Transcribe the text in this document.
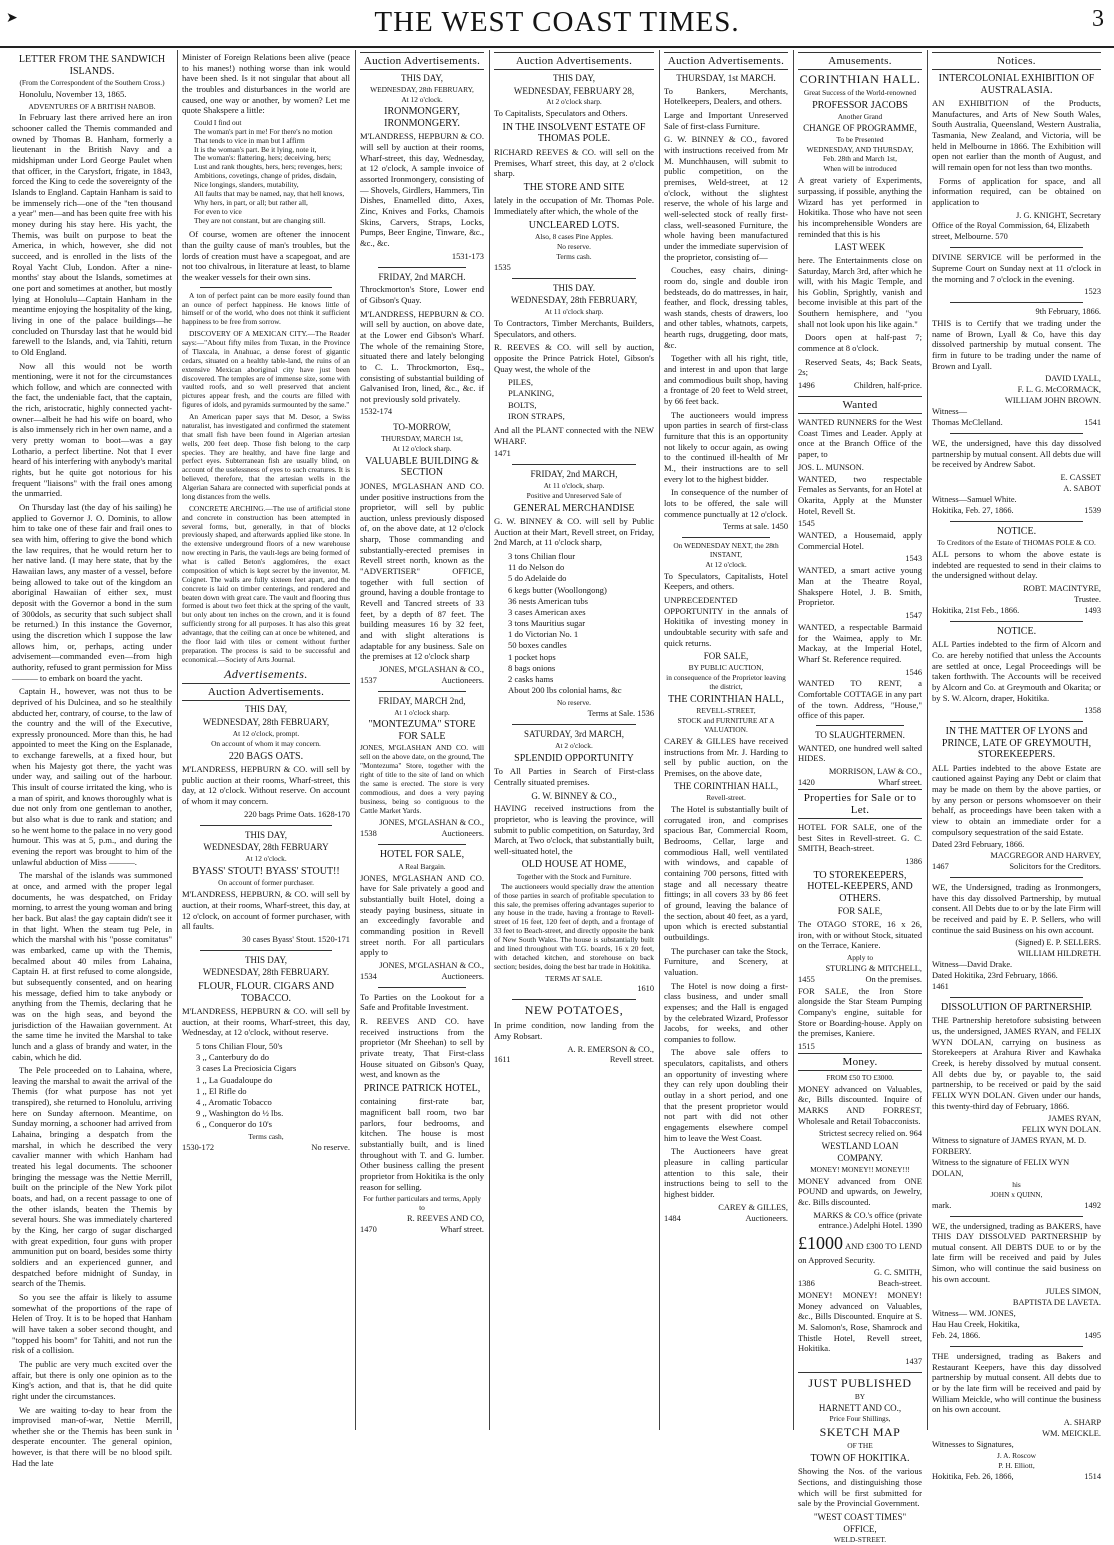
➤	THE WEST COAST TIMES.	3
LETTER FROM THE SANDWICH ISLANDS.
(From the Correspondent of the Southern Cross.)
Honolulu, November 13, 1865.
ADVENTURES OF A BRITISH NABOB.

In February last there arrived here an iron schooner called the Themis commanded and owned by Thomas B. Hanham, formerly a lieutenant in the British Navy and a midshipman under Lord George Paulet when that officer, in the Carysfort, frigate, in 1843, forced the King to cede the sovereignty of the Islands to England. Captain Hanham is said to be immensely rich—one of the "ten thousand a year" men—and has been quite free with his money during his stay here. His yacht, the Themis, was built on purpose to beat the America, in which, however, she did not succeed, and is enrolled in the lists of the Royal Yacht Club, London. After a nine-months' stay about the Islands, sometimes at one port and sometimes at another, but mostly lying at Honolulu—Captain Hanham in the meantime enjoying the hospitality of the king, living in one of the palace buildings—he concluded on Thursday last that he would bid farewell to the Islands, and, via Tahiti, return to Old England.

Now all this would not be worth mentioning, were it not for the circumstances which follow, and which are connected with the fact, the undeniable fact, that the captain, the rich, aristocratic, highly connected yacht-owner—albeit he had his wife on board, who is also immensely rich in her own name, and a very pretty woman to boot—was a gay Lothario, a perfect libertine. Not that I ever heard of his interfering with anybody's marital rights, but he quite got notorious for his frequent "liaisons" with the frail ones among the unmarried.

On Thursday last (the day of his sailing) he applied to Governor J. O. Dominis, to allow him to take one of these fair and frail ones to sea with him, offering to give the bond which the law requires, that he would return her to her native land. (I may here state, that by the Hawaiian laws, any master of a vessel, before being allowed to take out of the kingdom an aboriginal Hawaiian of either sex, must deposit with the Governor a bond in the sum of 300dols, as security that such subject shall be returned.) In this instance the Governor, using the discretion which I suppose the law allows him, or, perhaps, acting under advisement—commanded even—from high authority, refused to grant permission for Miss ——— to embark on board the yacht.

Captain H., however, was not thus to be deprived of his Dulcinea, and so he stealthily abducted her, contrary, of course, to the law of the country and the will of the Executive, expressly pronounced. More than this, he had appointed to meet the King on the Esplanade, to exchange farewells, at a fixed hour, but when his Majesty got there, the yacht was under way, and sailing out of the harbour. This insult of course irritated the king, who is a man of spirit, and knows thoroughly what is due not only from one gentleman to another, but also what is due to rank and station; and so he went home to the palace in no very good humour. This was at 5, p.m., and during the evening the report was brought to him of the unlawful abduction of Miss ———.

The marshal of the islands was summoned at once, and armed with the proper legal documents, he was despatched, on Friday morning, to arrest the young woman and bring her back. But alas! the gay captain didn't see it in that light. When the steam tug Pele, in which the marshal with his "posse comitatus" was embarked, came up with the Themis, becalmed about 40 miles from Lahaina, Captain H. at first refused to come alongside, but subsequently consented, and on hearing his message, defied him to take anybody or anything from the Themis, declaring that he was on the high seas, and beyond the jurisdiction of the Hawaiian government. At the same time he invited the Marshal to take lunch and a glass of brandy and water, in the cabin, which he did.

The Pele proceeded on to Lahaina, where, leaving the marshal to await the arrival of the Themis (for what purpose has not yet transpired), she returned to Honolulu, arriving here on Sunday afternoon. Meantime, on Sunday morning, a schooner had arrived from Lahaina, bringing a despatch from the marshal, in which he described the very cavalier manner with which Hanham had treated his legal documents. The schooner bringing the message was the Nettie Merrill, built on the principle of the New York pilot boats, and had, on a recent passage to one of the other islands, beaten the Themis by several hours. She was immediately chartered by the King, her cargo of sugar discharged with great expedition, four guns with proper ammunition put on board, besides some thirty soldiers and an experienced gunner, and despatched before midnight of Sunday, in search of the Themis.

So you see the affair is likely to assume somewhat of the proportions of the rape of Helen of Troy. It is to be hoped that Hanham will have taken a sober second thought, and "topped his boom" for Tahiti, and not run the risk of a collision.

The public are very much excited over the affair, but there is only one opinion as to the King's action, and that is, that he did quite right under the circumstances.

We are waiting to-day to hear from the improvised man-of-war, Nettie Merrill, whether she or the Themis has been sunk in desperate encounter. The general opinion, however, is that there will be no blood spilt. Had the late

Minister of Foreign Relations been alive (peace to his manes!) nothing worse than ink would have been shed. Is it not singular that about all the troubles and disturbances in the world are caused, one way or another, by women? Let me quote Shakspere a little:

Could I find out
The woman's part in me! For there's no motion
That tends to vice in man but I affirm
It is the woman's part. Be it lying, note it,
The woman's: flattering, hers; deceiving, hers;
Lust and rank thoughts, hers, hers; revenges, hers;
Ambitions, covetings, change of prides, disdain,
Nice longings, slanders, mutability,
All faults that may be named, nay, that hell knows,
Why hers, in part, or all; but rather all,
For even to vice
They are not constant, but are changing still.

Of course, women are oftener the innocent than the guilty cause of man's troubles, but the lords of creation must have a scapegoat, and are not too chivalrous, in literature at least, to blame the weaker vessels for their own sins.

A ton of perfect paint can be more easily found than an ounce of perfect happiness. He knows little of himself or of the world, who does not think it sufficient happiness to be free from sorrow.

DISCOVERY OF A MEXICAN CITY.—The Reader says:—"About fifty miles from Tuxan, in the Province of Tlaxcala, in Anahuac, a dense forest of gigantic cedars, situated on a healthy table-land, the ruins of an extensive Mexican aboriginal city have just been discovered. The temples are of immense size, some with vaulted roofs, and so well preserved that ancient pictures appear fresh, and the courts are filled with figures of idols, and pyramids surmounted by the same."

An American paper says that M. Desor, a Swiss naturalist, has investigated and confirmed the statement that small fish have been found in Algerian artesian wells, 200 feet deep. Those fish belong to the carp species. They are healthy, and have fine large and perfect eyes. Subterranean fish are usually blind, on account of the uselessness of eyes to such creatures. It is believed, therefore, that the artesian wells in the Algerian Sahara are connected with superficial ponds at long distances from the wells.

CONCRETE ARCHING.—The use of artificial stone and concrete in construction has been attempted in several forms, but, generally, in that of blocks previously shaped, and afterwards applied like stone. In the extensive underground floors of a new warehouse now erecting in Paris, the vault-legs are being formed of what is called Beton's aggloméres, the exact composition of which is kept secret by the inventor, M. Coignet. The walls are fully sixteen feet apart, and the concrete is laid on timber centerings, and rendered and beaten down with great care. The vault and flooring thus formed is about two feet thick at the spring of the vault, but only about ten inches on the crown, and it is found sufficiently strong for all purposes. It has also this great advantage, that the ceiling can at once be whitened, and the floor laid with tiles or cement without further preparation. The process is said to be successful and economical.—Society of Arts Journal.

Advertisements.
Auction Advertisements.
THIS DAY,
WEDNESDAY, 28th FEBRUARY,
At 12 o'clock, prompt.
On account of whom it may concern.
220 BAGS OATS.

M'LANDRESS, HEPBURN & CO. will sell by public auction at their rooms, Wharf-street, this day, at 12 o'clock. Without reserve. On account of whom it may concern.

220 bags Prime Oats. 1628-170
THIS DAY,
WEDNESDAY, 28th FEBRUARY
At 12 o'clock.
BYASS' STOUT! BYASS' STOUT!!
On account of former purchaser.

M'LANDRESS, HEPBURN, & CO. will sell by auction, at their rooms, Wharf-street, this day, at 12 o'clock, on account of former purchaser, with all faults.

30 cases Byass' Stout. 1520-171
THIS DAY,
WEDNESDAY, 28th FEBRUARY.
FLOUR, FLOUR. CIGARS AND TOBACCO.

M'LANDRESS, HEPBURN & CO. will sell by auction, at their rooms, Wharf-street, this day, Wednesday, at 12 o'clock, without reserve.

5 tons Chilian Flour, 50's
3 ,, Canterbury do do
3 cases La Preciosicia Cigars
1 ,, La Guadaloupe do
1 ,, El Rifle do
4 ,, Aromatic Tobacco
9 ,, Washington do ½ lbs.
6 ,, Conqueror do 10's
Terms cash,
1530-172	No reserve.
Auction Advertisements.
THIS DAY,
WEDNESDAY, 28th FEBRUARY,
At 12 o'clock.
IRONMONGERY, IRONMONGERY.

M'LANDRESS, HEPBURN & CO. will sell by auction at their rooms, Wharf-street, this day, Wednesday, at 12 o'clock, A sample invoice of assorted Ironmongery, consisting of— Shovels, Girdlers, Hammers, Tin Dishes, Enamelled ditto, Axes, Zinc, Knives and Forks, Chamois Skins, Carvers, Straps, Locks, Pumps, Beer Engine, Tinware, &c., &c., &c.

1531-173
FRIDAY, 2nd MARCH.

Throckmorton's Store, Lower end of Gibson's Quay.

M'LANDRESS, HEPBURN & CO. will sell by auction, on above date, at the Lower end Gibson's Wharf. The whole of the remaining Store, situated there and lately belonging to C. L. Throckmorton, Esq., consisting of substantial building of Galvanised Iron, lined, &c., &c. if not previously sold privately.

1532-174
TO-MORROW,
THURSDAY, MARCH 1st,
At 12 o'clock sharp.
VALUABLE BUILDING & SECTION

JONES, M'GLASHAN AND CO. under positive instructions from the proprietor, will sell by public auction, unless previously disposed of, on the above date, at 12 o'clock sharp, Those commanding and substantially-erected premises in Revell street north, known as the "ADVERTISER" OFFICE, together with full section of ground, having a double frontage to Revell and Tancred streets of 33 feet, by a depth of 87 feet. The building measures 16 by 32 feet, and with slight alterations is adaptable for any business. Sale on the premises at 12 o'clock sharp

JONES, M'GLASHAN & CO.,
1537	Auctioneers.
FRIDAY, MARCH 2nd,
At 1 o'clock sharp.
"MONTEZUMA" STORE FOR SALE

JONES, M'GLASHAN AND CO. will sell on the above date, on the ground, The "Montezuma" Store, together with the right of title to the site of land on which the same is erected. The store is very commodious, and does a very paying business, being so contiguous to the Cattle Market Yards.

JONES, M'GLASHAN & CO.,
1538	Auctioneers.
HOTEL FOR SALE,
A Real Bargain.

JONES, M'GLASHAN AND CO. have for Sale privately a good and substantially built Hotel, doing a steady paying business, situate in an exceedingly favorable and commanding position in Revell street north. For all particulars apply to

JONES, M'GLASHAN & CO.,
1534	Auctioneers.

To Parties on the Lookout for a Safe and Profitable Investment.

R. REEVES AND CO. have received instructions from the proprietor (Mr Sheehan) to sell by private treaty, That First-class House situated on Gibson's Quay, west, and known as the

PRINCE PATRICK HOTEL,

containing first-rate bar, magnificent ball room, two bar parlors, four bedrooms, and kitchen. The house is most substantially built, and is lined throughout with T. and G. lumber. Other business calling the present proprietor from Hokitika is the only reason for selling.

For further particulars and terms, Apply to
R. REEVES AND CO,
1470	Wharf street.
Auction Advertisements.
THIS DAY,
WEDNESDAY, FEBRUARY 28,
At 2 o'clock sharp.

To Capitalists, Speculators and Others.

IN THE INSOLVENT ESTATE OF THOMAS POLE.

RICHARD REEVES & CO. will sell on the Premises, Wharf street, this day, at 2 o'clock sharp.

THE STORE AND SITE

lately in the occupation of Mr. Thomas Pole. Immediately after which, the whole of the

UNCLEARED LOTS.
Also, 8 cases Pine Apples.
No reserve.
Terms cash.
1535
THIS DAY.
WEDNESDAY, 28th FEBRUARY,
At 11 o'clock sharp.

To Contractors, Timber Merchants, Builders, Speculators, and others.

R. REEVES & CO. will sell by auction, opposite the Prince Patrick Hotel, Gibson's Quay west, the whole of the

PILES,
PLANKING,
BOLTS,
IRON STRAPS,

And all the PLANT connected with the NEW WHARF.

1471
FRIDAY, 2nd MARCH,
At 11 o'clock, sharp.
Positive and Unreserved Sale of
GENERAL MERCHANDISE

G. W. BINNEY & CO. will sell by Public Auction at their Mart, Revell street, on Friday, 2nd March, at 11 o'clock sharp,

3 tons Chilian flour
11 do Nelson do
5 do Adelaide do
6 kegs butter (Woollongong)
36 nests American tubs
3 cases American axes
3 tons Mauritius sugar
1 do Victorian No. 1
50 boxes candles
1 pocket hops
8 bags onions
2 casks hams
About 200 lbs colonial hams, &c
No reserve.
Terms at Sale. 1536
SATURDAY, 3rd MARCH,
At 2 o'clock.
SPLENDID OPPORTUNITY

To All Parties in Search of First-class Centrally situated premises.

G. W. BINNEY & CO.,

HAVING received instructions from the proprietor, who is leaving the province, will submit to public competition, on Saturday, 3rd March, at Two o'clock, that substantially built, well-situated hotel, the

OLD HOUSE AT HOME,
Together with the Stock and Furniture.

The auctioneers would specially draw the attention of those parties in search of profitable speculation to this sale, the premises offering advantages superior to any house in the trade, having a frontage to Revell-street of 16 feet, 120 feet of depth, and a frontage of 33 feet to Beach-street, and directly opposite the bank of New South Wales. The house is substantially built and lined throughout with T.G. boards, 16 x 20 feet, with detached kitchen, and storehouse on back section; besides, doing the best bar trade in Hokitika.

TERMS AT SALE.
1610
NEW POTATOES,

In prime condition, now landing from the Amy Robsart.

A. R. EMERSON & CO.,
1611	Revell street.
Auction Advertisements.
THURSDAY, 1st MARCH.

To Bankers, Merchants, Hotelkeepers, Dealers, and others.

Large and Important Unreserved Sale of first-class Furniture.

G. W. BINNEY & CO., favored with instructions received from Mr M. Munchhausen, will submit to public competition, on the premises, Weld-street, at 12 o'clock, without the slightest reserve, the whole of his large and well-selected stock of really first-class, well-seasoned Furniture, the whole having been manufactured under the immediate supervision of the proprietor, consisting of—

Couches, easy chairs, dining-room do, single and double iron bedsteads, do do mattresses, in hair, feather, and flock, dressing tables, wash stands, chests of drawers, loo and other tables, whatnots, carpets, hearth rugs, druggeting, door mats, &c.

Together with all his right, title, and interest in and upon that large and commodious built shop, having a frontage of 20 feet to Weld street, by 66 feet back.

The auctioneers would impress upon parties in search of first-class furniture that this is an opportunity not likely to occur again, as owing to the continued ill-health of Mr M., their instructions are to sell every lot to the highest bidder.

In consequence of the number of lots to be offered, the sale will commence punctually at 12 o'clock.

Terms at sale. 1450
On WEDNESDAY NEXT, the 28th INSTANT,
At 12 o'clock.

To Speculators, Capitalists, Hotel Keepers, and others.

UNPRECEDENTED OPPORTUNITY in the annals of Hokitika of investing money in undoubtable security with safe and quick returns.

FOR SALE,
BY PUBLIC AUCTION,
in consequence of the Proprietor leaving the district,
THE CORINTHIAN HALL,
REVELL-STREET,
STOCK and FURNITURE AT A VALUATION.

CAREY & GILLES have received instructions from Mr. J. Harding to sell by public auction, on the Premises, on the above date,

THE CORINTHIAN HALL,
Revell-street.

The Hotel is substantially built of corrugated iron, and comprises spacious Bar, Commercial Room, Bedrooms, Cellar, large and commodious Hall, well ventilated with windows, and capable of containing 700 persons, fitted with stage and all necessary theatre fittings; in all covers 33 by 86 feet of ground, leaving the balance of the section, about 40 feet, as a yard, upon which is erected substantial outbuildings.

The purchaser can take the Stock, Furniture, and Scenery, at valuation.

The Hotel is now doing a first-class business, and under small expenses; and the Hall is engaged by the celebrated Wizard, Professor Jacobs, for weeks, and other companies to follow.

The above sale offers to speculators, capitalists, and others an opportunity of investing where they can rely upon doubling their outlay in a short period, and one that the present proprietor would not part with did not other engagements elsewhere compel him to leave the West Coast.

The Auctioneers have great pleasure in calling particular attention to this sale, their instructions being to sell to the highest bidder.

CAREY & GILLES,
1484	Auctioneers.
Amusements.
CORINTHIAN HALL.
Great Success of the World-renowned
PROFESSOR JACOBS
Another Grand
CHANGE OF PROGRAMME,
To be Presented
WEDNESDAY, AND THURSDAY,
Feb. 28th and March 1st,
When will be introduced

A great variety of Experiments, surpassing, if possible, anything the Wizard has yet performed in Hokitika. Those who have not seen his incomprehensible Wonders are reminded that this is his

LAST WEEK

here. The Entertainments close on Saturday, March 3rd, after which he will, with his Magic Temple, and his Goblin, Sprightly, vanish and become invisible at this part of the Southern hemisphere, and "you shall not look upon his like again."

Doors open at half-past 7; commence at 8 o'clock.

Reserved Seats, 4s; Back Seats, 2s;

1496	Children, half-price.
Wanted

WANTED RUNNERS for the West Coast Times and Leader. Apply at once at the Branch Office of the paper, to

JOS. L. MUNSON.

WANTED, two respectable Females as Servants, for an Hotel at Okarita, Apply at the Munster Hotel, Revell St.

1545

WANTED, a Housemaid, apply Commercial Hotel.

1543

WANTED, a smart active young Man at the Theatre Royal, Shakspere Hotel, J. B. Smith, Proprietor.

1547

WANTED, a respectable Barmaid for the Waimea, apply to Mr. Mackay, at the Imperial Hotel, Wharf St. Reference required.

1546

WANTED TO RENT, a Comfortable COTTAGE in any part of the town. Address, "House," office of this paper.

TO SLAUGHTERMEN.

WANTED, one hundred well salted HIDES.

MORRISON, LAW & CO.,
1420	Wharf street.
Properties for Sale or to Let.

HOTEL FOR SALE, one of the best Sites in Revell-street. G. C. SMITH, Beach-street.

1386
TO STOREKEEPERS, HOTEL-KEEPERS, AND OTHERS.
FOR SALE,

The OTAGO STORE, 16 x 26, iron, with or without Stock, situated on the Terrace, Kaniere.

Apply to
STURLING & MITCHELL,
1455	On the premises.

FOR SALE, the Iron Store alongside the Star Steam Pumping Company's engine, suitable for Store or Boarding-house. Apply on the premises, Kaniere.

1515
Money.
FROM £50 TO £3000.

MONEY advanced on Valuables, &c, Bills discounted. Inquire of MARKS AND FORREST, Wholesale and Retail Tobacconists.

Strictest secrecy relied on. 964
WESTLAND LOAN COMPANY.
MONEY! MONEY!! MONEY!!!

MONEY advanced from ONE POUND and upwards, on Jewelry, &c. Bills discounted.

MARKS & CO.'s office (private entrance.) Adelphi Hotel. 1390

£1000 AND £300 TO LEND on Approved Security.

G. C. SMITH,
1386	Beach-street.

MONEY! MONEY! MONEY! Money advanced on Valuables, &c., Bills Discounted. Enquire at S. M. Salomon's, Rose, Shamrock and Thistle Hotel, Revell street, Hokitika.

1437
JUST PUBLISHED
BY
HARNETT AND CO.,
Price Four Shillings,
SKETCH MAP
OF THE
TOWN OF HOKITIKA.

Showing the Nos. of the various Sections, and distinguishing those which will be first submitted for sale by the Provincial Government.

"WEST COAST TIMES" OFFICE,
WELD-STREET.
Notices.
INTERCOLONIAL EXHIBITION OF AUSTRALASIA.

AN EXHIBITION of the Products, Manufactures, and Arts of New South Wales, South Australia, Queensland, Western Australia, Tasmania, New Zealand, and Victoria, will be held in Melbourne in 1866. The Exhibition will open not earlier than the month of August, and will remain open for not less than two months.

Forms of application for space, and all information required, can be obtained on application to

J. G. KNIGHT, Secretary
Office of the Royal Commission, 64, Elizabeth street, Melbourne. 570

DIVINE SERVICE will be performed in the Supreme Court on Sunday next at 11 o'clock in the morning and 7 o'clock in the evening.

1523
9th February, 1866.

THIS is to Certify that we trading under the name of Brown, Lyall & Co, have this day dissolved partnership by mutual consent. The firm in future to be trading under the name of Brown and Lyall.

DAVID LYALL,
F. L. G. McCORMACK,
WILLIAM JOHN BROWN.
Witness—
Thomas McClelland.	1541

WE, the undersigned, have this day dissolved partnership by mutual consent. All debts due will be received by Andrew Sabot.

E. CASSET
A. SABOT
Witness—Samuel White.
Hokitika, Feb. 27, 1866.	1539
NOTICE.
To Creditors of the Estate of THOMAS POLE & CO.

ALL persons to whom the above estate is indebted are requested to send in their claims to the undersigned without delay.

ROBT. MACINTYRE,
Trustee.
Hokitika, 21st Feb., 1866.	1493
NOTICE.

ALL Parties indebted to the firm of Alcorn and Co. are hereby notified that unless the Accounts are settled at once, Legal Proceedings will be taken forthwith. The Accounts will be received by Alcorn and Co. at Greymouth and Okarita; or by S. W. Alcorn, draper, Hokitika.

1358
IN THE MATTER OF LYONS and PRINCE, LATE OF GREYMOUTH, STOREKEEPERS.

ALL Parties indebted to the above Estate are cautioned against Paying any Debt or claim that may be made on them by the above parties, or by any person or persons whomsoever on their behalf, as proceedings have been taken with a view to obtain an immediate order for a compulsory sequestration of the said Estate.

Dated 23rd February, 1866.
MACGREGOR AND HARVEY,
1467	Solicitors for the Creditors.

WE, the Undersigned, trading as Ironmongers, have this day dissolved Partnership, by mutual consent. All Debts due to or by the late Firm will be received and paid by E. P. Sellers, who will continue the said Business on his own account.

(Signed) E. P. SELLERS.
WILLIAM HILDRETH.
Witness—David Drake.
Dated Hokitika, 23rd February, 1866.
1461
DISSOLUTION OF PARTNERSHIP.

THE Partnership heretofore subsisting between us, the undersigned, JAMES RYAN, and FELIX WYN DOLAN, carrying on business as Storekeepers at Arahura River and Kawhaka Creek, is hereby dissolved by mutual consent. All debts due by, or payable to, the said partnership, to be received or paid by the said FELIX WYN DOLAN. Given under our hands, this twenty-third day of February, 1866.

JAMES RYAN,
FELIX WYN DOLAN.
Witness to signature of JAMES RYAN, M. D. FORBERY.
Witness to the signature of FELIX WYN DOLAN,
his
JOHN x QUINN,
mark.	1492

WE, the undersigned, trading as BAKERS, have THIS DAY DISSOLVED PARTNERSHIP by mutual consent. All DEBTS DUE to or by the late firm will be received and paid by Jules Simon, who will continue the said business on his own account.

JULES SIMON,
BAPTISTA DE LAVETA.
Witness— WM. JONES,
Hau Hau Creek, Hokitika,
Feb. 24, 1866.	1495

THE undersigned, trading as Bakers and Restaurant Keepers, have this day dissolved partnership by mutual consent. All debts due to or by the late firm will be received and paid by William Meickle, who will continue the business on his own account.

A. SHARP
WM. MEICKLE.
Witnesses to Signatures,
J. A. Roscow
P. H. Elliott,
Hokitika, Feb. 26, 1866,	1514
